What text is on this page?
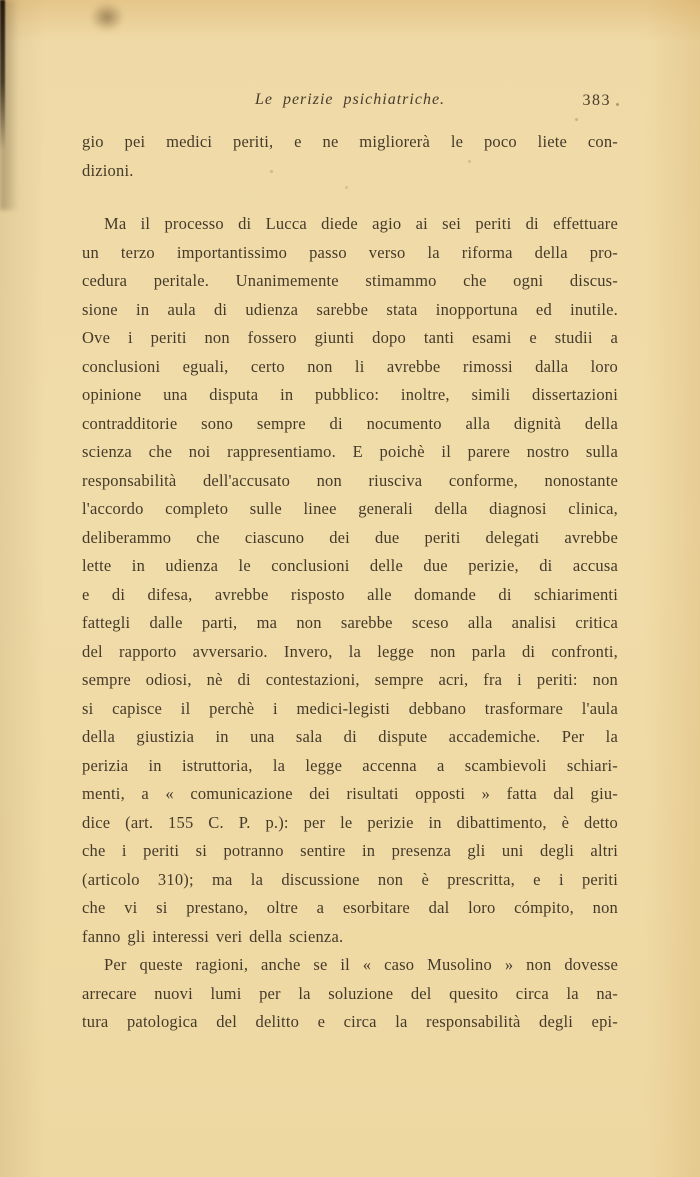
Le perizie psichiatriche.	383
gio pei medici periti, e ne migliorerà le poco liete con-
dizioni.
Ma il processo di Lucca diede agio ai sei periti di effettuare
un terzo importantissimo passo verso la riforma della pro-
cedura peritale. Unanimemente stimammo che ogni discus-
sione in aula di udienza sarebbe stata inopportuna ed inutile.
Ove i periti non fossero giunti dopo tanti esami e studii a
conclusioni eguali, certo non li avrebbe rimossi dalla loro
opinione una disputa in pubblico: inoltre, simili dissertazioni
contradditorie sono sempre di nocumento alla dignità della
scienza che noi rappresentiamo. E poichè il parere nostro sulla
responsabilità dell'accusato non riusciva conforme, nonostante
l'accordo completo sulle linee generali della diagnosi clinica,
deliberammo che ciascuno dei due periti delegati avrebbe
lette in udienza le conclusioni delle due perizie, di accusa
e di difesa, avrebbe risposto alle domande di schiarimenti
fattegli dalle parti, ma non sarebbe sceso alla analisi critica
del rapporto avversario. Invero, la legge non parla di confronti,
sempre odiosi, nè di contestazioni, sempre acri, fra i periti: non
si capisce il perchè i medici-legisti debbano trasformare l'aula
della giustizia in una sala di dispute accademiche. Per la
perizia in istruttoria, la legge accenna a scambievoli schiari-
menti, a « comunicazione dei risultati opposti » fatta dal giu-
dice (art. 155 C. P. p.): per le perizie in dibattimento, è detto
che i periti si potranno sentire in presenza gli uni degli altri
(articolo 310); ma la discussione non è prescritta, e i periti
che vi si prestano, oltre a esorbitare dal loro cómpito, non
fanno gli interessi veri della scienza.
Per queste ragioni, anche se il « caso Musolino » non dovesse
arrecare nuovi lumi per la soluzione del quesito circa la na-
tura patologica del delitto e circa la responsabilità degli epi-
